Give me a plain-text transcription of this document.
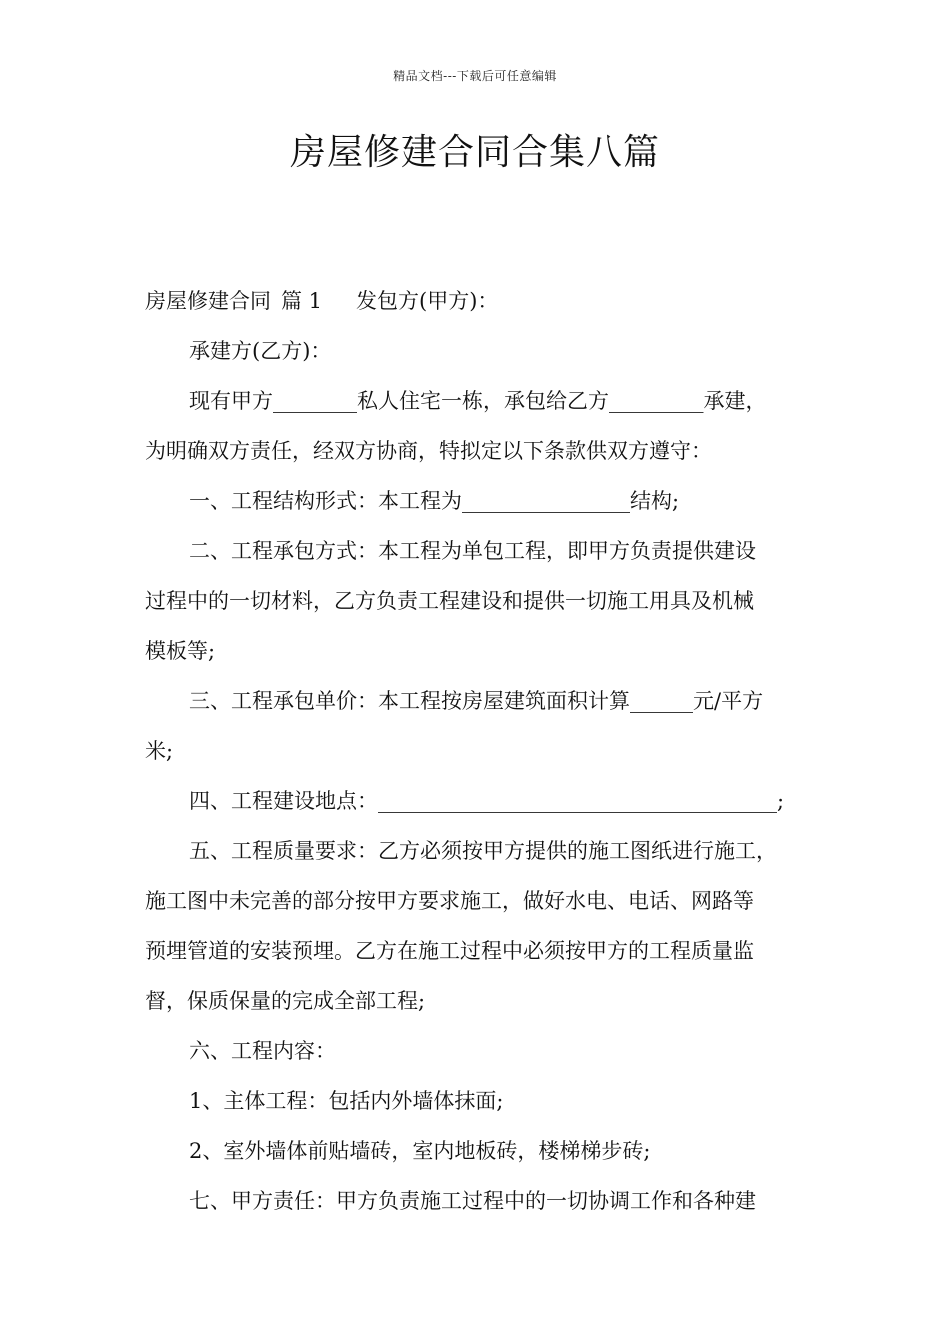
精品文档---下载后可任意编辑
房屋修建合同合集八篇

房屋修建合同 篇 1 发包方(甲方)：

承建方(乙方)：

现有甲方________私人住宅一栋，承包给乙方_________承建，

为明确双方责任，经双方协商，特拟定以下条款供双方遵守：

一、工程结构形式：本工程为________________结构;

二、工程承包方式：本工程为单包工程，即甲方负责提供建设

过程中的一切材料，乙方负责工程建设和提供一切施工用具及机械

模板等;

三、工程承包单价：本工程按房屋建筑面积计算______元/平方

米;

四、工程建设地点：______________________________________;

五、工程质量要求：乙方必须按甲方提供的施工图纸进行施工，

施工图中未完善的部分按甲方要求施工，做好水电、电话、网路等

预埋管道的安装预埋。乙方在施工过程中必须按甲方的工程质量监

督，保质保量的完成全部工程;

六、工程内容：

1、主体工程：包括内外墙体抹面;

2、室外墙体前贴墙砖，室内地板砖，楼梯梯步砖;

七、甲方责任：甲方负责施工过程中的一切协调工作和各种建
